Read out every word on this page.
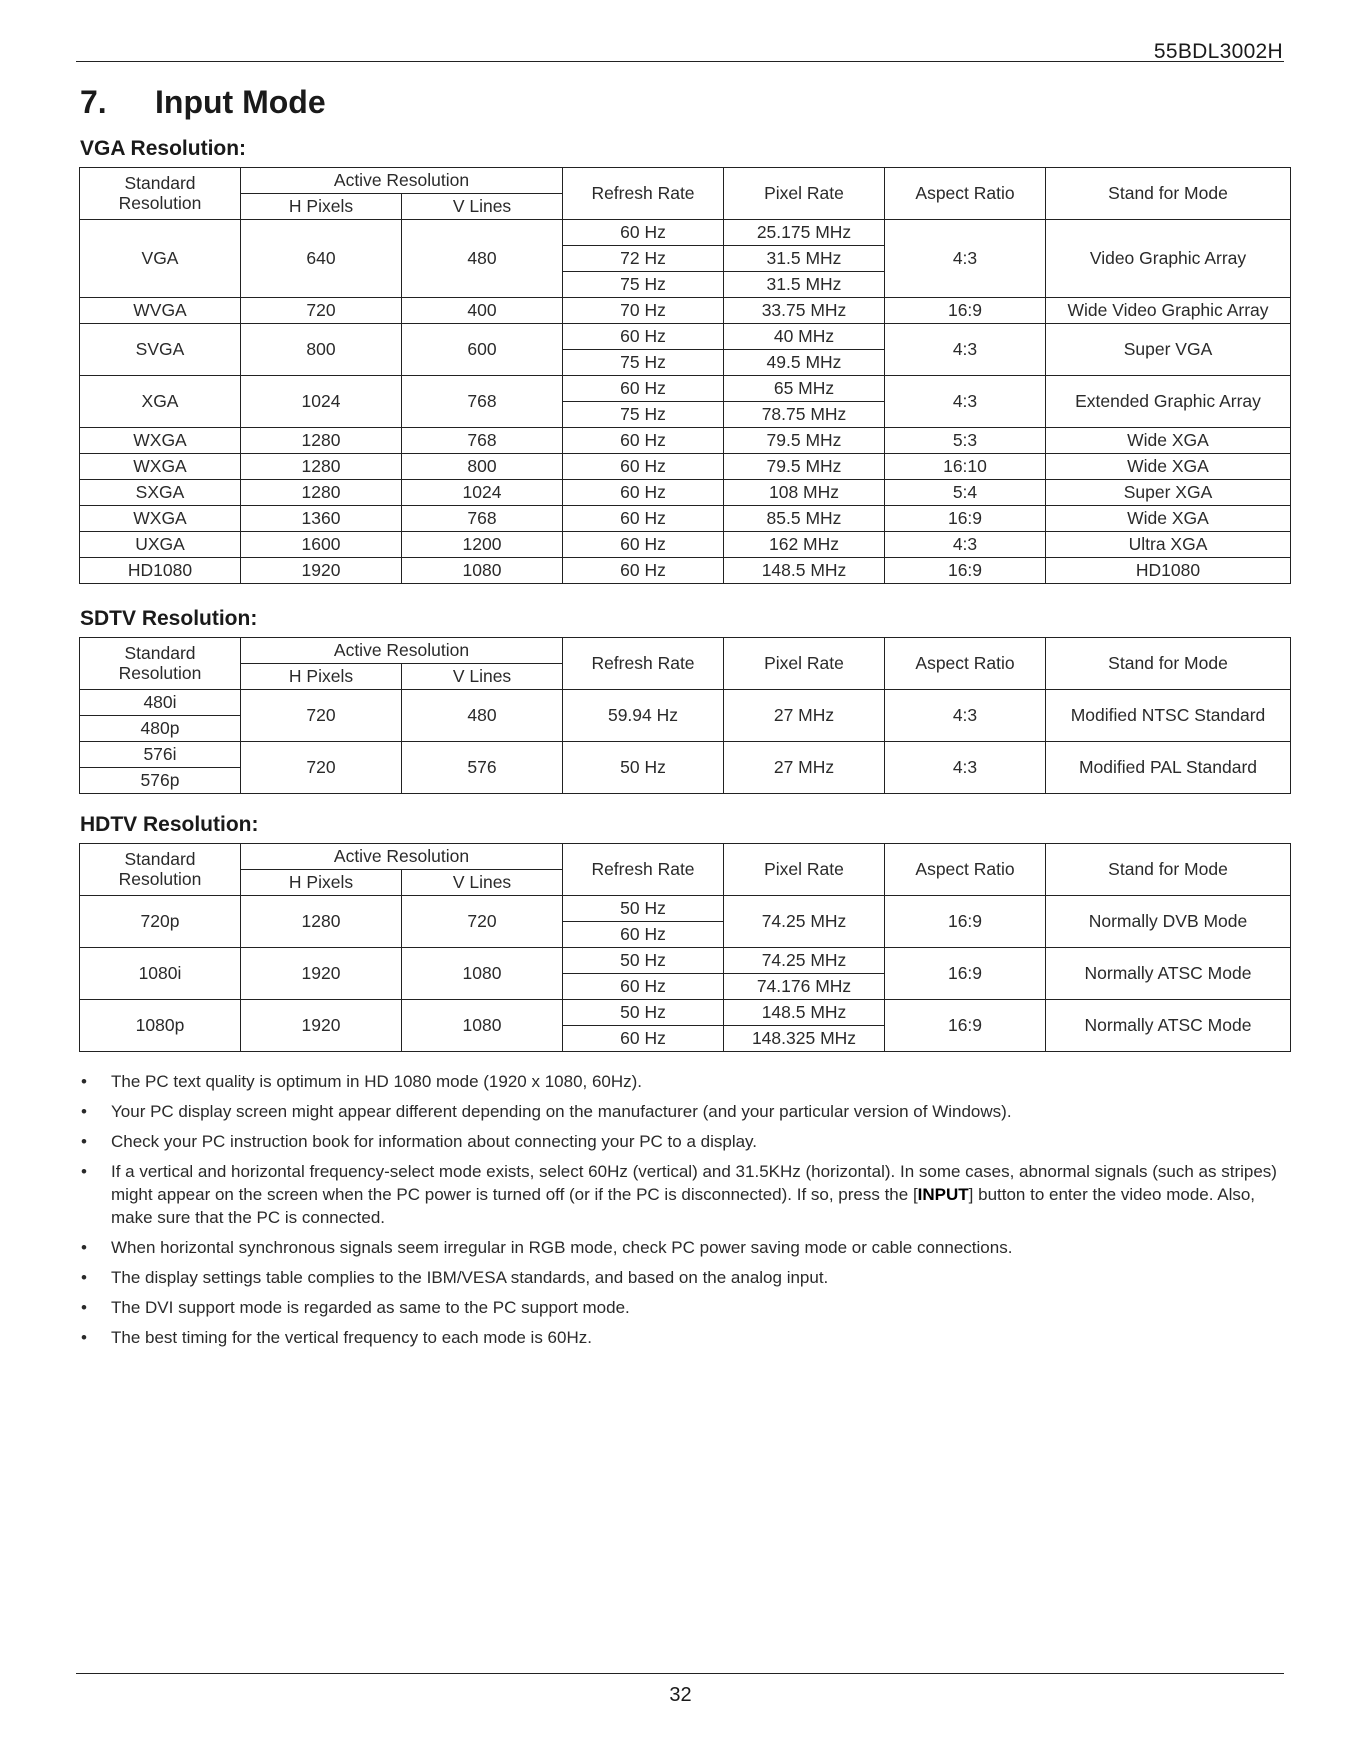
55BDL3002H
7. Input Mode
VGA Resolution:
Standard
Resolution	Active Resolution		Refresh Rate	Pixel Rate	Aspect Ratio	Stand for Mode
	H Pixels	V Lines				
VGA	640	480	60 Hz	25.175 MHz	4:3	Video Graphic Array
			72 Hz	31.5 MHz		
			75 Hz	31.5 MHz		
WVGA	720	400	70 Hz	33.75 MHz	16:9	Wide Video Graphic Array
SVGA	800	600	60 Hz	40 MHz	4:3	Super VGA
			75 Hz	49.5 MHz		
XGA	1024	768	60 Hz	65 MHz	4:3	Extended Graphic Array
			75 Hz	78.75 MHz		
WXGA	1280	768	60 Hz	79.5 MHz	5:3	Wide XGA
WXGA	1280	800	60 Hz	79.5 MHz	16:10	Wide XGA
SXGA	1280	1024	60 Hz	108 MHz	5:4	Super XGA
WXGA	1360	768	60 Hz	85.5 MHz	16:9	Wide XGA
UXGA	1600	1200	60 Hz	162 MHz	4:3	Ultra XGA
HD1080	1920	1080	60 Hz	148.5 MHz	16:9	HD1080
SDTV Resolution:
Standard
Resolution	Active Resolution		Refresh Rate	Pixel Rate	Aspect Ratio	Stand for Mode
	H Pixels	V Lines				
480i	720	480	59.94 Hz	27 MHz	4:3	Modified NTSC Standard
480p						
576i	720	576	50 Hz	27 MHz	4:3	Modified PAL Standard
576p						
HDTV Resolution:
Standard
Resolution	Active Resolution		Refresh Rate	Pixel Rate	Aspect Ratio	Stand for Mode
	H Pixels	V Lines				
720p	1280	720	50 Hz	74.25 MHz	16:9	Normally DVB Mode
			60 Hz			
1080i	1920	1080	50 Hz	74.25 MHz	16:9	Normally ATSC Mode
			60 Hz	74.176 MHz		
1080p	1920	1080	50 Hz	148.5 MHz	16:9	Normally ATSC Mode
			60 Hz	148.325 MHz		
• The PC text quality is optimum in HD 1080 mode (1920 x 1080, 60Hz).
• Your PC display screen might appear different depending on the manufacturer (and your particular version of Windows).
• Check your PC instruction book for information about connecting your PC to a display.
• If a vertical and horizontal frequency-select mode exists, select 60Hz (vertical) and 31.5KHz (horizontal). In some cases, abnormal signals (such as stripes) might appear on the screen when the PC power is turned off (or if the PC is disconnected). If so, press the [INPUT] button to enter the video mode. Also, make sure that the PC is connected.
• When horizontal synchronous signals seem irregular in RGB mode, check PC power saving mode or cable connections.
• The display settings table complies to the IBM/VESA standards, and based on the analog input.
• The DVI support mode is regarded as same to the PC support mode.
• The best timing for the vertical frequency to each mode is 60Hz.
32
